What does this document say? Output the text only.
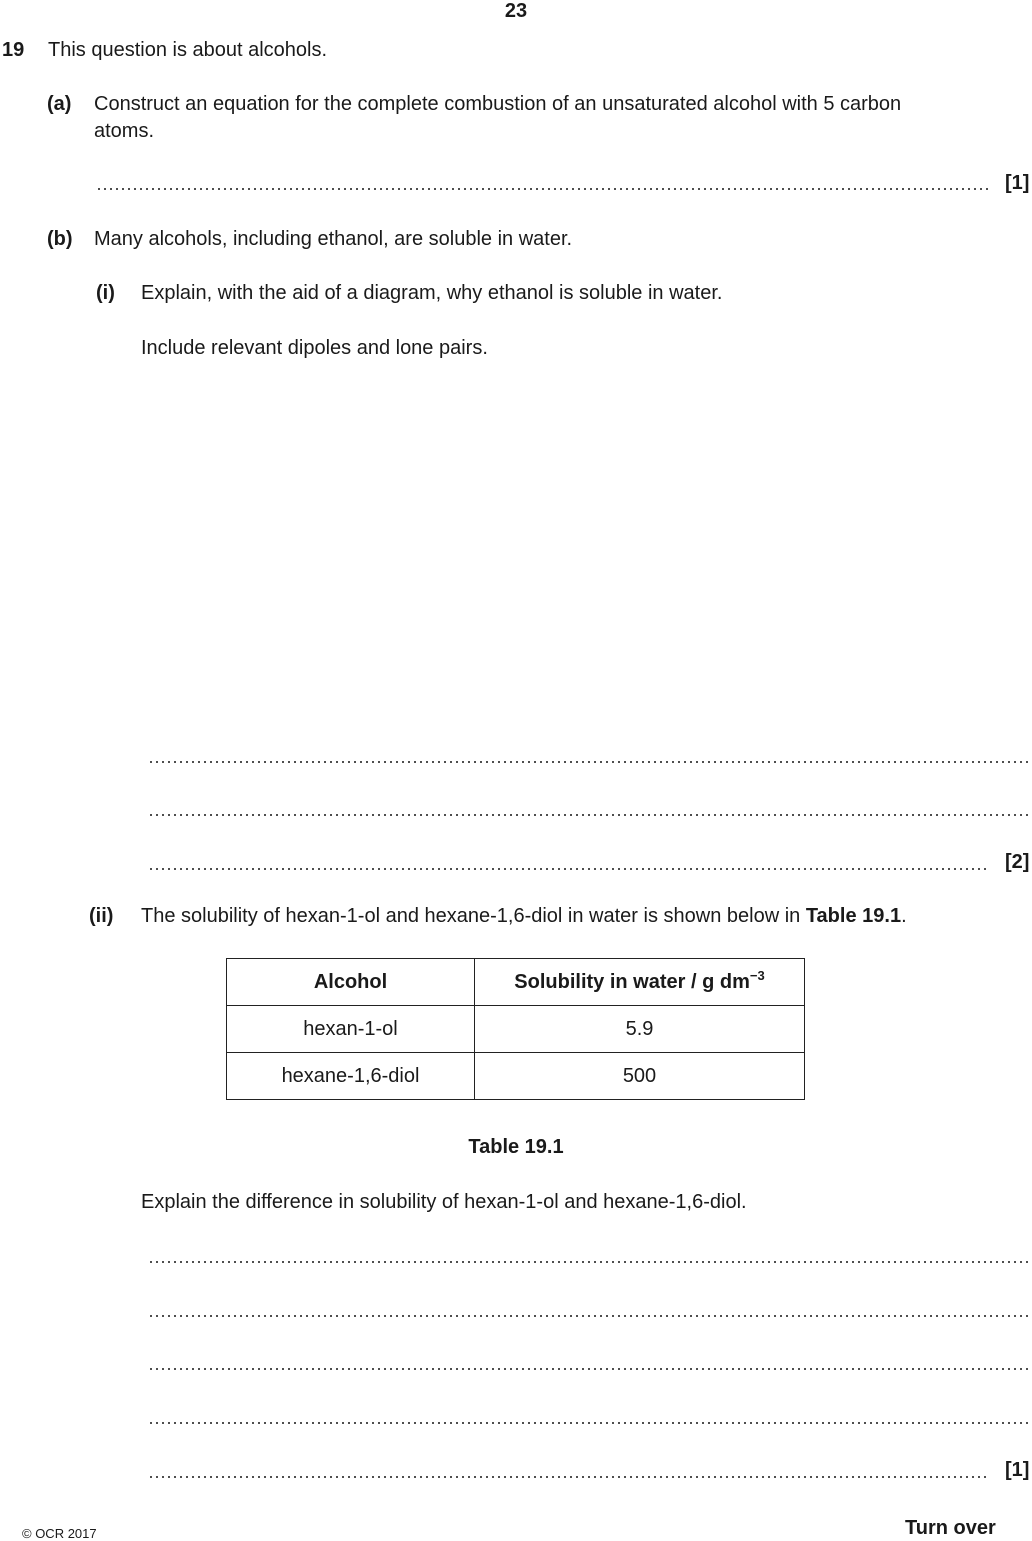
23
19 This question is about alcohols.
(a) Construct an equation for the complete combustion of an unsaturated alcohol with 5 carbon
atoms.
[1]
(b) Many alcohols, including ethanol, are soluble in water.
(i) Explain, with the aid of a diagram, why ethanol is soluble in water.
Include relevant dipoles and lone pairs.
[2]
(ii) The solubility of hexan-1-ol and hexane-1,6-diol in water is shown below in Table 19.1.
Alcohol	Solubility in water / g $dm^{-3}$
hexan-1-ol	5.9
hexane-1,6-diol	500
Table 19.1
Explain the difference in solubility of hexan-1-ol and hexane-1,6-diol.
[1]
© OCR 2017	Turn over
